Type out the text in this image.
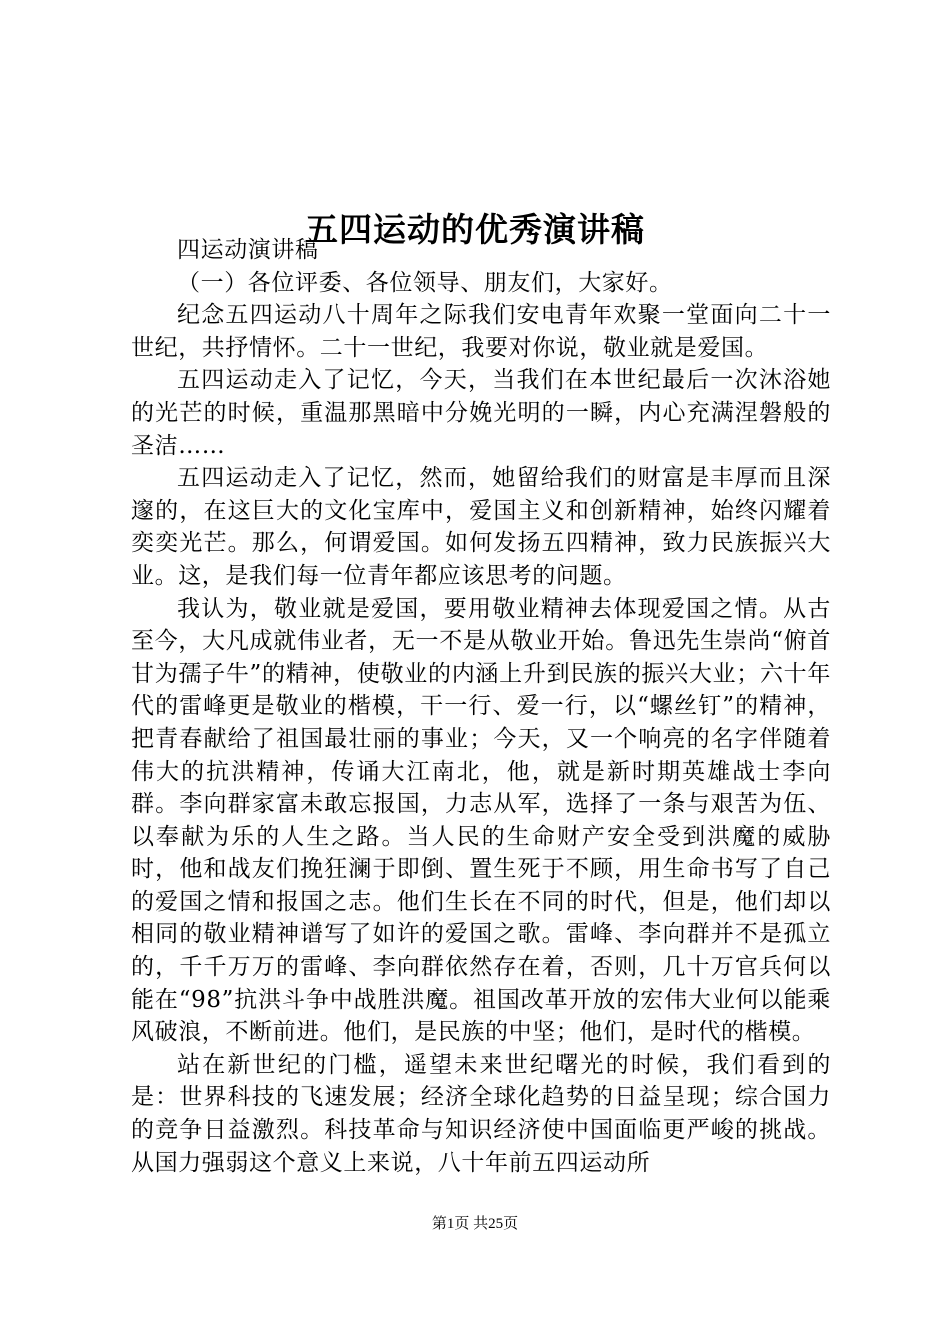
五四运动的优秀演讲稿

四运动演讲稿

（一）各位评委、各位领导、朋友们，大家好。

纪念五四运动八十周年之际我们安电青年欢聚一堂面向二十一世纪，共抒情怀。二十一世纪，我要对你说，敬业就是爱国。

五四运动走入了记忆，今天，当我们在本世纪最后一次沐浴她的光芒的时候，重温那黑暗中分娩光明的一瞬，内心充满涅磐般的圣洁……

五四运动走入了记忆，然而，她留给我们的财富是丰厚而且深邃的，在这巨大的文化宝库中，爱国主义和创新精神，始终闪耀着奕奕光芒。那么，何谓爱国。如何发扬五四精神，致力民族振兴大业。这，是我们每一位青年都应该思考的问题。

我认为，敬业就是爱国，要用敬业精神去体现爱国之情。从古至今，大凡成就伟业者，无一不是从敬业开始。鲁迅先生崇尚“俯首甘为孺子牛”的精神，使敬业的内涵上升到民族的振兴大业；六十年代的雷峰更是敬业的楷模，干一行、爱一行，以“螺丝钉”的精神，把青春献给了祖国最壮丽的事业；今天，又一个响亮的名字伴随着伟大的抗洪精神，传诵大江南北，他，就是新时期英雄战士李向群。李向群家富未敢忘报国，力志从军，选择了一条与艰苦为伍、以奉献为乐的人生之路。当人民的生命财产安全受到洪魔的威胁时，他和战友们挽狂澜于即倒、置生死于不顾，用生命书写了自己的爱国之情和报国之志。他们生长在不同的时代，但是，他们却以相同的敬业精神谱写了如许的爱国之歌。雷峰、李向群并不是孤立的，千千万万的雷峰、李向群依然存在着，否则，几十万官兵何以能在“98”抗洪斗争中战胜洪魔。祖国改革开放的宏伟大业何以能乘风破浪，不断前进。他们，是民族的中坚；他们，是时代的楷模。

站在新世纪的门槛，遥望未来世纪曙光的时候，我们看到的是：世界科技的飞速发展；经济全球化趋势的日益呈现；综合国力的竞争日益激烈。科技革命与知识经济使中国面临更严峻的挑战。从国力强弱这个意义上来说，八十年前五四运动所

第1页 共25页
